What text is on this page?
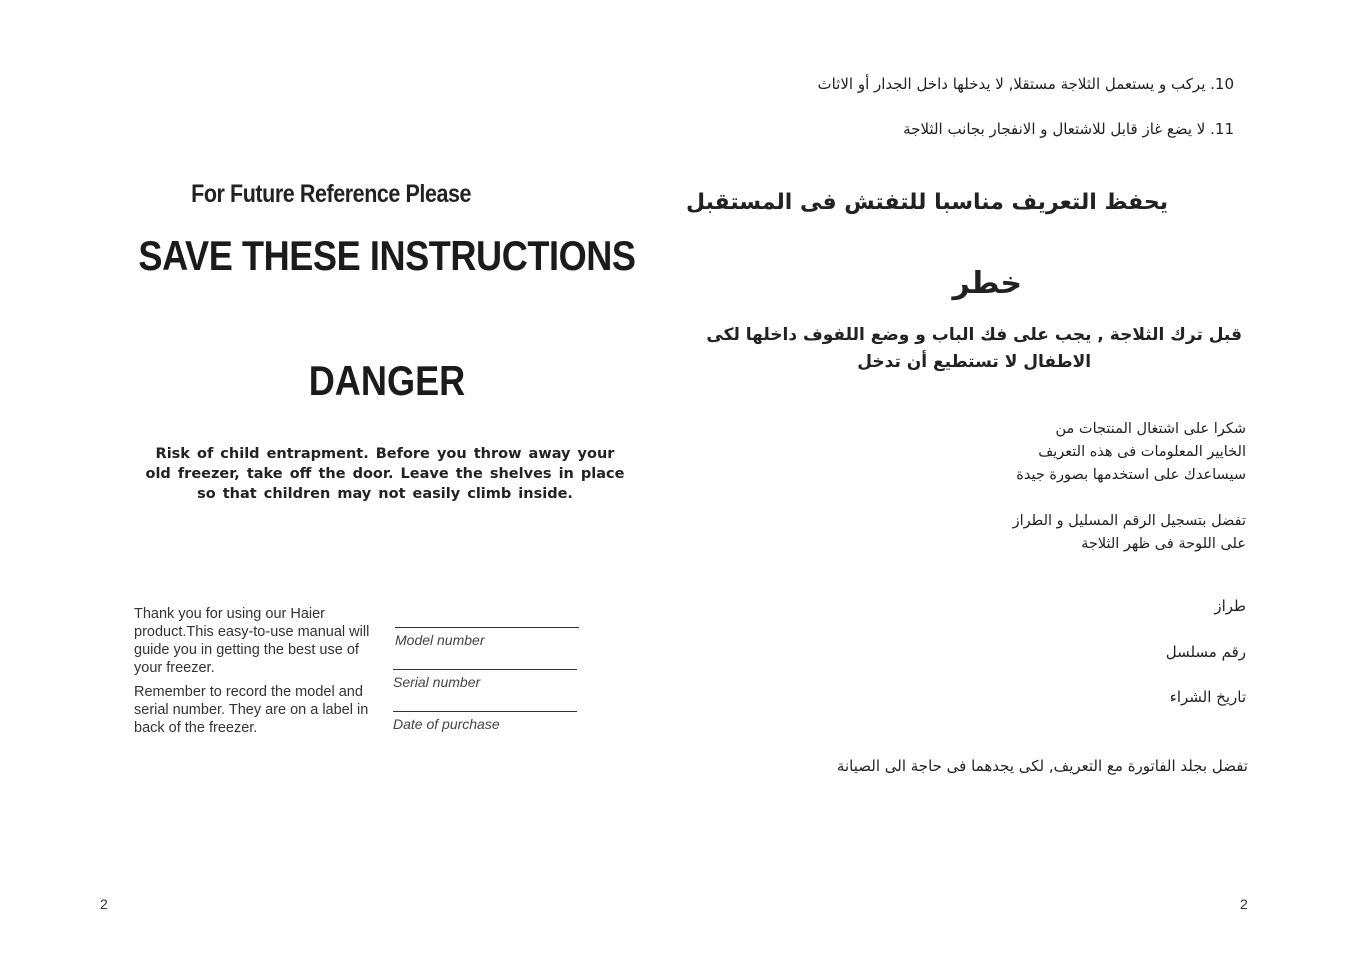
For Future Reference Please
SAVE THESE INSTRUCTIONS
DANGER
Risk of child entrapment. Before you throw away your old freezer, take off the door. Leave the shelves in place so that children may not easily climb inside.

Thank you for using our Haier product.This easy-to-use manual will guide you in getting the best use of your freezer.

Remember to record the model and serial number. They are on a label in back of the freezer.

Model number
Serial number
Date of purchase
2
10. يركب و يستعمل الثلاجة مستقلا, لا يدخلها داخل الجدار أو الاثاث
11. لا يضع غاز قابل للاشتعال و الانفجار بجانب الثلاجة
يحفظ التعريف مناسبا للتفتش فى المستقبل
خطر
قبل ترك الثلاجة , يجب على فك الباب و وضع اللفوف داخلها لكى
الاطفال لا تستطيع أن تدخل
شكرا على اشتغال المنتجات من
الخايير المعلومات فى هذه التعريف
سيساعدك على استخدمها بصورة جيدة
تفضل بتسجيل الرقم المسليل و الطراز
على اللوحة فى ظهر الثلاجة
طراز
رقم مسلسل
تاريخ الشراء
تفضل بجلد الفاتورة مع التعريف, لكى يجدهما فى حاجة الى الصيانة
2
